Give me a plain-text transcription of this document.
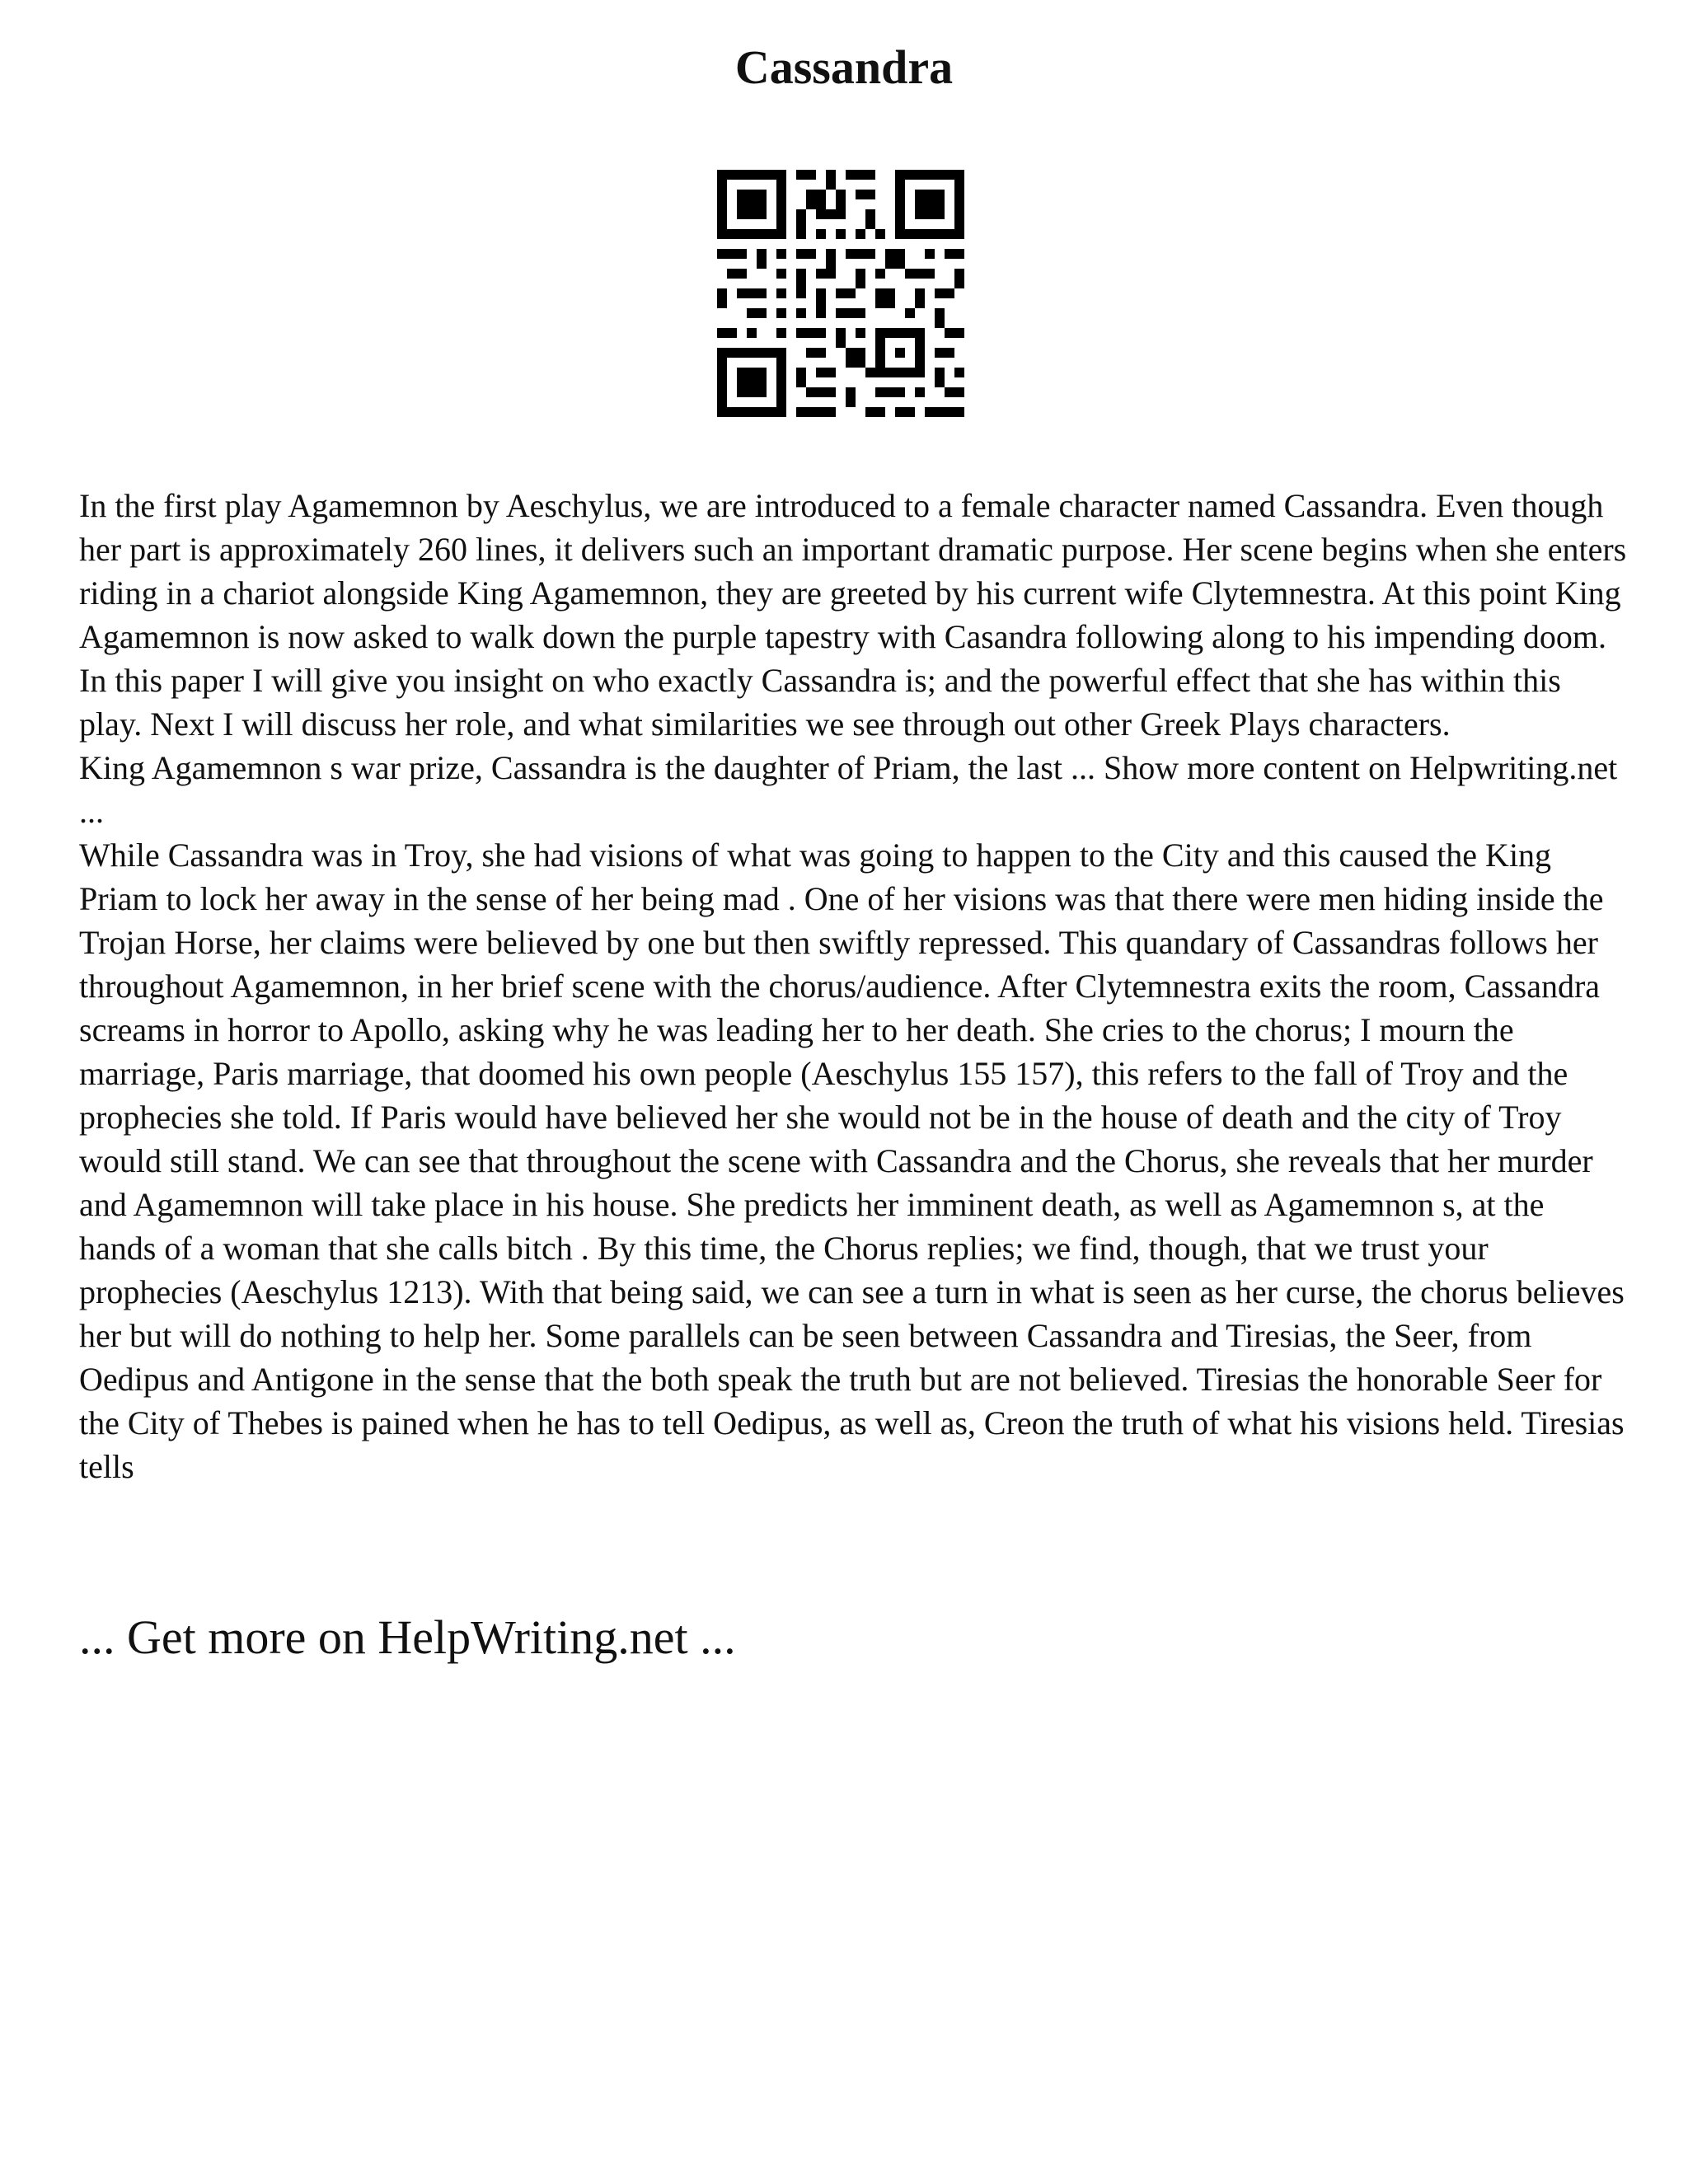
Cassandra

In the first play Agamemnon by Aeschylus, we are introduced to a female character named Cassandra. Even though her part is approximately 260 lines, it delivers such an important dramatic purpose. Her scene begins when she enters riding in a chariot alongside King Agamemnon, they are greeted by his current wife Clytemnestra. At this point King Agamemnon is now asked to walk down the purple tapestry with Casandra following along to his impending doom. In this paper I will give you insight on who exactly Cassandra is; and the powerful effect that she has within this play. Next I will discuss her role, and what similarities we see through out other Greek Plays characters.

King Agamemnon s war prize, Cassandra is the daughter of Priam, the last ... Show more content on Helpwriting.net ...

While Cassandra was in Troy, she had visions of what was going to happen to the City and this caused the King Priam to lock her away in the sense of her being mad . One of her visions was that there were men hiding inside the Trojan Horse, her claims were believed by one but then swiftly repressed. This quandary of Cassandras follows her throughout Agamemnon, in her brief scene with the chorus/audience. After Clytemnestra exits the room, Cassandra screams in horror to Apollo, asking why he was leading her to her death. She cries to the chorus; I mourn the marriage, Paris marriage, that doomed his own people (Aeschylus 155 157), this refers to the fall of Troy and the prophecies she told. If Paris would have believed her she would not be in the house of death and the city of Troy would still stand. We can see that throughout the scene with Cassandra and the Chorus, she reveals that her murder and Agamemnon will take place in his house. She predicts her imminent death, as well as Agamemnon s, at the hands of a woman that she calls bitch . By this time, the Chorus replies; we find, though, that we trust your prophecies (Aeschylus 1213). With that being said, we can see a turn in what is seen as her curse, the chorus believes her but will do nothing to help her. Some parallels can be seen between Cassandra and Tiresias, the Seer, from Oedipus and Antigone in the sense that the both speak the truth but are not believed. Tiresias the honorable Seer for the City of Thebes is pained when he has to tell Oedipus, as well as, Creon the truth of what his visions held. Tiresias tells

... Get more on HelpWriting.net ...
